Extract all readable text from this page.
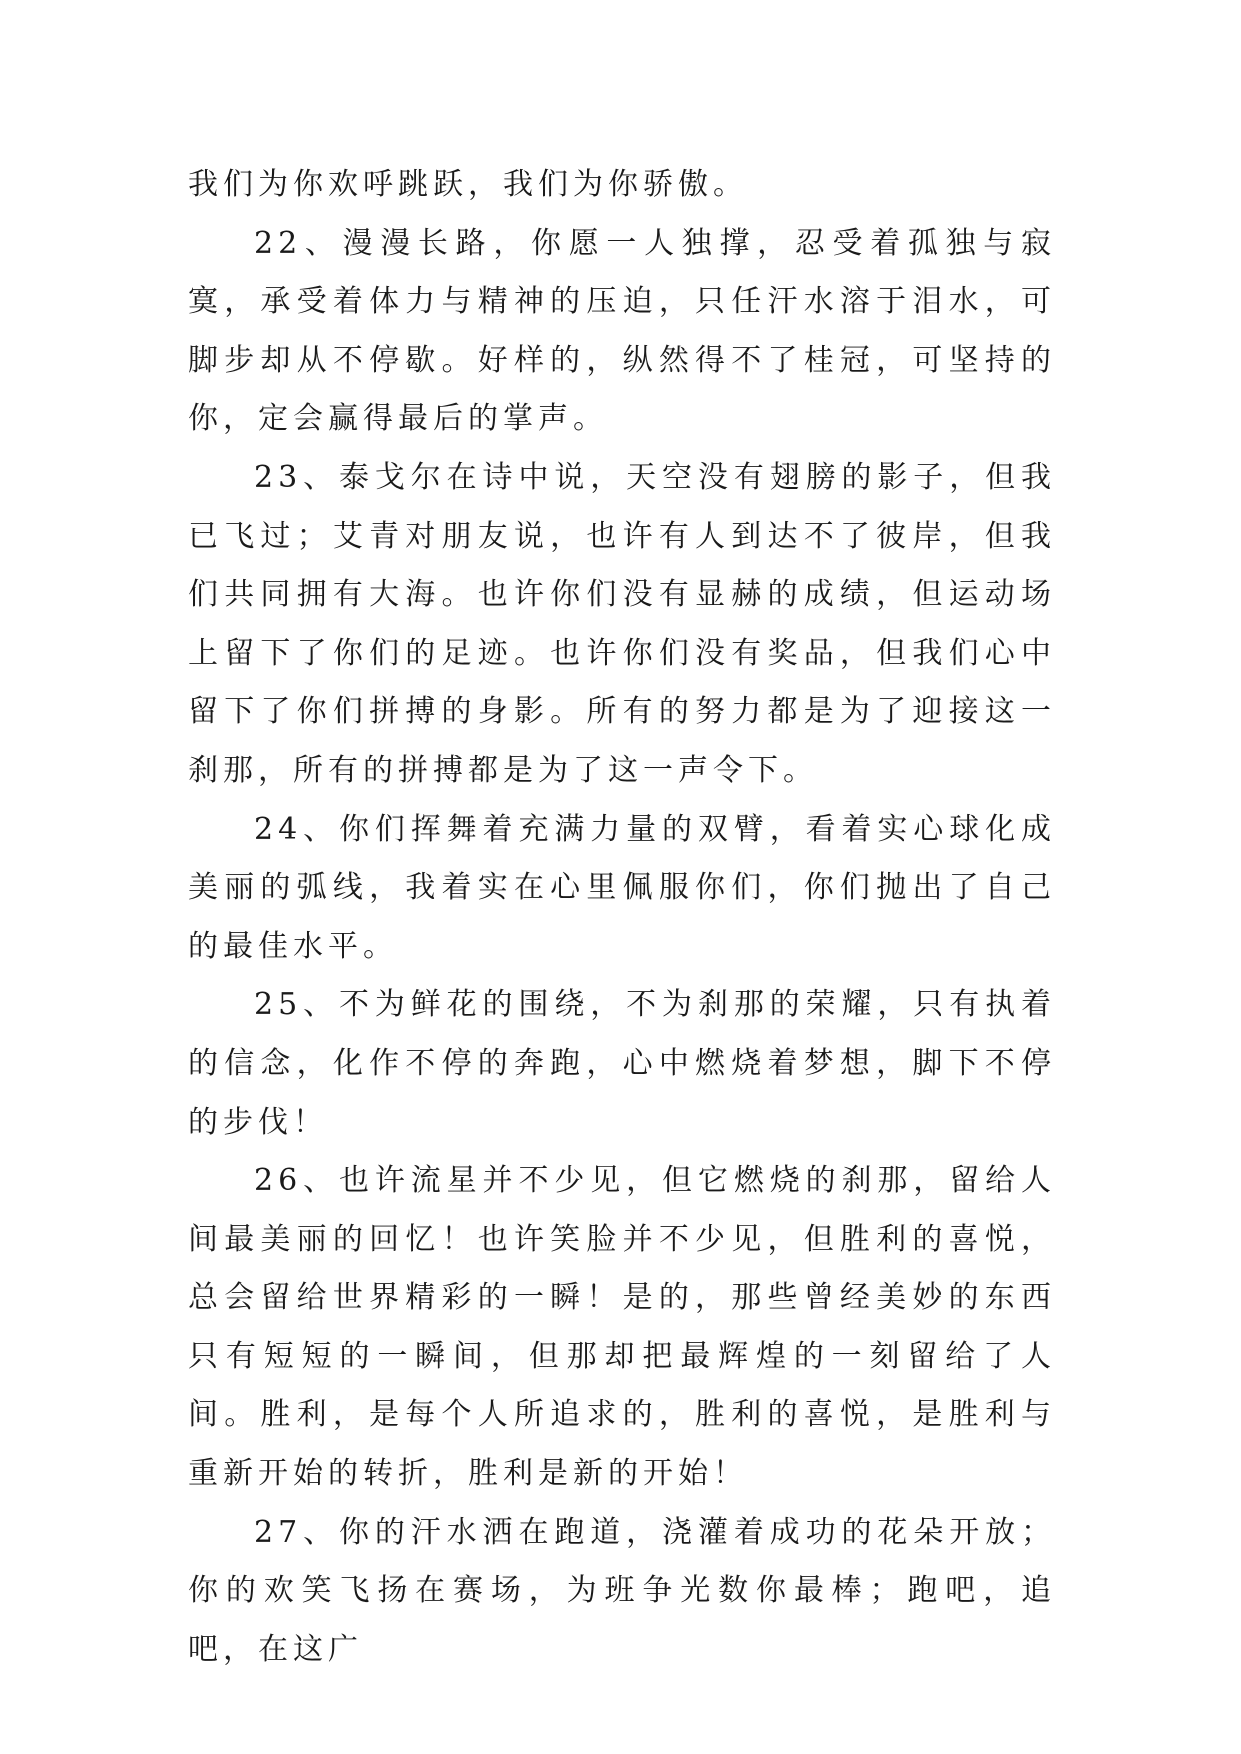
我们为你欢呼跳跃，我们为你骄傲。

22、漫漫长路，你愿一人独撑，忍受着孤独与寂寞，承受着体力与精神的压迫，只任汗水溶于泪水，可脚步却从不停歇。好样的，纵然得不了桂冠，可坚持的你，定会赢得最后的掌声。

23、泰戈尔在诗中说，天空没有翅膀的影子，但我已飞过；艾青对朋友说，也许有人到达不了彼岸，但我们共同拥有大海。也许你们没有显赫的成绩，但运动场上留下了你们的足迹。也许你们没有奖品，但我们心中留下了你们拼搏的身影。所有的努力都是为了迎接这一刹那，所有的拼搏都是为了这一声令下。

24、你们挥舞着充满力量的双臂，看着实心球化成美丽的弧线，我着实在心里佩服你们，你们抛出了自己的最佳水平。

25、不为鲜花的围绕，不为刹那的荣耀，只有执着的信念，化作不停的奔跑，心中燃烧着梦想，脚下不停的步伐！

26、也许流星并不少见，但它燃烧的刹那，留给人间最美丽的回忆！也许笑脸并不少见，但胜利的喜悦，总会留给世界精彩的一瞬！是的，那些曾经美妙的东西只有短短的一瞬间，但那却把最辉煌的一刻留给了人间。胜利，是每个人所追求的，胜利的喜悦，是胜利与重新开始的转折，胜利是新的开始！

27、你的汗水洒在跑道，浇灌着成功的花朵开放；你的欢笑飞扬在赛场，为班争光数你最棒；跑吧，追吧，在这广
